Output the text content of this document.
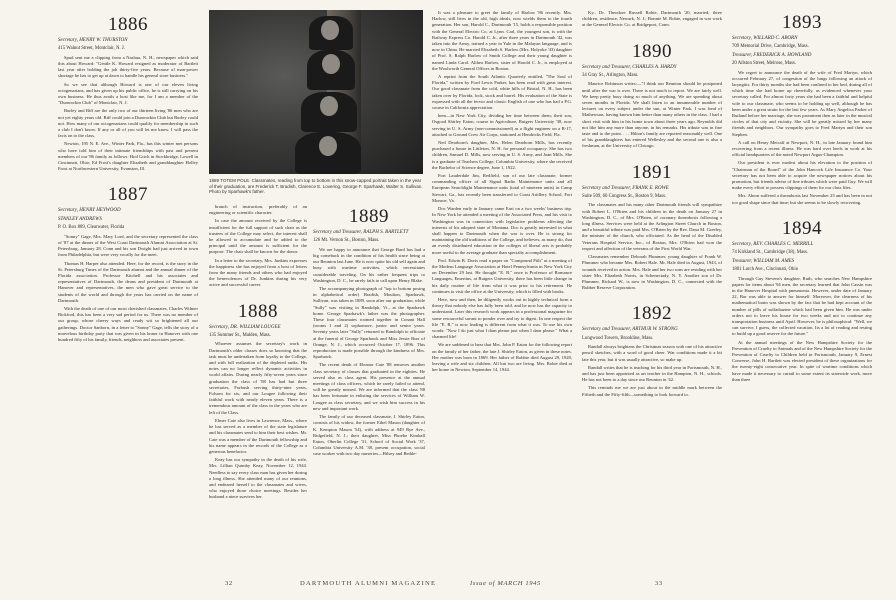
1886

Secretary, HENRY W. THURSTON

415 Walnut Street, Montclair, N. J.

Spud sent me a clipping from a Nashua, N. H., newspaper which said this about Howard: "Gentle K. Howard resigned as moderator of Bartlett last year after holding the job thirty-five years. Because of man-power shortage he has to get up at dawn to handle his general store business."

So we see that although Howard is one of our eleven living octogenarians, and has given up his public office, he is still carrying on his own business. He thus avails a host like me, for I am a member of the "Dunworkin Club" of Montclair, N. J.

Burley and Biff are the only two of our thirteen living '86 men who are not yet eighty years old. Biff could join a Dunworkin Club but Burley could not. How many of our octogenarians could qualify for membership in such a club I don't know. If any or all of you will let me know, I will pass the facts on to the class.

Newton, 195 N. E. Ave., Winter Park, Fla., has this winter met persons who have told him of their intimate friendships with past and present members of our '86 family as follows: Hod Grich in Stockbridge, Lowell in Cincinnati, Ohio; Ed Frost's daughter Elizabeth and granddaughter Holley Frost at Northwestern University, Evanston, Ill.

1887

Secretary, HENRY HEYWOOD

STANLEY ANDREWS

P. O. Box 889, Clearwater, Florida

"Sonny" Gage, Mrs. Mary Lord, and the secretary represented the class of '87 at the dinner of the West Coast Dartmouth Alumni Association at St. Petersburg, January 28. Conn and his son Dwight had just arrived in town from Philadelphia, but were very vocally for the meet.

Thomas H. Harper also attended. Here, for the record, is the story in the St. Petersburg Times of the Dartmouth alumni and the annual dinner of the Florida association. Professor Kitchell and his associates and representatives of Dartmouth, the deans and president of Dartmouth at Hanover and representatives, the men who gave great service to the students of the world and through the years has carried on the name of Dartmouth.

With the death of one of our most cherished classmates, Charles Wilmer Bickford, this has been a very sad period for us. There was no member of our group, whose cheery ways and ready wit so brightened all our gatherings. Doctor Sanborn, in a letter to "Sonny" Gage, tells the story of a marvelous birthday party that was given in his honor in Hanover with one hundred fifty of his family, friends, neighbors and associates present.

1889 TOTEM POLE. Classmates, reading from top to bottom in this snow-capped portrait taken in the year of their graduation, are Frederick T. Bradish, Clarence E. Lovering, George F. Sparhawk, Walter S. Sullivan. Photo by Sparhawk's father.

branch of instruction, preferably of an engineering or scientific character.

In case the amount received by the College is insufficient for the full support of such chair as the trustees of the College may select, the interest shall be allowed to accumulate and be added to the principal until the amount is sufficient for the purpose. The chair shall be known for the donor.

In a letter to the secretary, Mrs. Junkins expresses the happiness she has enjoyed from a host of letters from the many friends and others who had enjoyed the benevolences of Dr. Junkins during his very active and successful career.

1888

Secretary, DR. WILLIAM LOUGEE

135 Summer St., Malden, Mass.

Whoever assumes the secretary's work in Dartmouth's older classes does so knowing that the task must be undertaken from loyalty to the College, and with full realization of the depleted ranks. His notes can no longer reflect dynamic activities in world affairs. During nearly fifty-seven years since graduation the class of '88 has had but three secretaries, Forbush serving thirty-nine years, Folsom for six, and our Lougee following their faithful work with nearly eleven years. There is a tremendous amount of the class in the years who are left of the Class.

Elmer Cate also lives in Lawrence, Mass., where he has served as a member of the state legislature and his classmates send to him their best wishes. Mr. Cate was a member of the Dartmouth fellowship and his name appears in the records of the College as a generous benefactor.

Keay has our sympathy in the death of his wife, Mrs. Lillian Quimby Keay, November 12, 1944. Needless to say every class man has given her during a long illness. She attended many of our reunions, and endeared herself to the classmates and wives, who enjoyed those choice meetings. Besides her husband a niece survives her.

1889

Secretary and Treasurer, RALPH S. BARTLETT

126 Mt. Vernon St., Boston, Mass.

We are happy to announce that George Bard has had a big comeback in the condition of his health since being at our Reunion last June. He is now quite his old self again and busy with wartime activities, which necessitates considerable traveling. On his rather frequent trips to Washington, D. C., he rarely fails to call upon Henry Blake.

The accompanying photograph of "top to bottom posing in alphabetical order) Bradish, Moulton, Sparhawk, Sullivan, was taken in 1889, soon after our graduation, while "Sully" was visiting in Randolph, Vt., at the Sparhawk home. George Sparhawk's father was the photographer. These four classmates roomed together in Conant Hall (rooms 1 and 2) sophomore, junior and senior years. Seventy years later "Sully" returned to Randolph to officiate at the funeral of George Sparhawk and Miss Jessie Burr of Orange, N. J., which occurred October 17, 1896. This reproduction is made possible through the kindness of Mrs. Sparhawk.

The recent death of Eleanor Cate '88 removes another class secretary of classes that graduated in the eighties. He served also as class agent. His presence at the annual meetings of class officers, which he rarely failed to attend, will be greatly missed. We are informed that the class '88 has been fortunate in enlisting the services of William W. Lougee as class secretary, and we wish him success in his new and important work.

The family of our deceased classmate, J. Shirley Eaton, consists of his widow, the former Ethel Mason (daughter of K. Kempton Mason '54), with address at 949 Rye Ave., Ridgefield, N. J.; their daughter, Miss Phoebe Kimball Eaton, Oberlin College '31, School of Social Work '37, Columbia University A.M. '38, present occupation, social case worker with two day nurseries—Hilsey and Bethle-

It was a pleasure to greet the family of Harlow '86 recently. Mrs. Harlow, still lives in the old, high ideals, now wields them to the fourth generation. Her son, Harold C., Dartmouth '15, holds a responsible position with the General Electric Co. at Lynn. Carl, the youngest son, is with the Railway Express Co. Harold C. Jr., after three years in Dartmouth '42, was taken into the Army, trained a year in Yale in the Malayan language, and is now in China. He married Elizabeth S. Harlow (Mrs. Holyoke '43) daughter of Prof. S. Ralph Harlow of Smith College and their young daughter is named Linda Carol. Althea Harlow, sister of Harold C. Jr., is employed at the Woolworth General Offices in Boston.

A reprint from the South Atlantic Quarterly entitled, "The Soul of Florida," written by Ford Lewis Parker, has been read with great interest. Our good classmate from the cold, white hills of Bristol, N. H., has been taken over by Florida, lock, stock and barrel. His evaluation of the State is expressed with all the fervor and classic English of one who has had a P.G. course in California appreciation.

hem—in New York City, dividing her time between them; their son, Osgood Shirley Eaton, course in Agriculture, Rutgers University '38, now serving in U. S. Army (non-commissioned) as a flight engineer on a B-17, attached to Ground Crew Air Corps, stationed at Hendricks Field, Fla.

Ned Dearborn's daughter, Mrs. Helen Dearborn Mills, has recently purchased a house in Littleton, N. H. for personal occupancy. She has two children, Samuel D. Mills, now serving in U. S. Army, and Joan Mills. She is a graduate of Teachers College, Columbia University, where she received the Bachelor of Science degree, June 1, 1922.

Fort Lauderdale Jim, Redfield, son of our late classmate, former commanding officer of all Signal Radio Maintenance units and all European Searchlight Maintenance units (total of nineteen units) in Camp Stewart, Ga., has recently been transferred to Coast Artillery School, Fort Monroe, Va.

Doc Warden early in January came East on a two weeks' business trip. In New York he attended a meeting of the Associated Press, and his visit to Washington was in connection with legislative problems affecting the interests of his adopted state of Montana. Doc is greatly interested in what shall happen to Dartmouth when the war is over. He is strong for maintaining the old traditions of the College, and believes, as many do, that an evenly distributed education in the colleges of liberal arts is probably more useful to the average graduate than specialty accomplishment.

Prof. Edwin B. Davis read a paper on "Compound Pith" at a meeting of the Modern Language Association at Hotel Pennsylvania in New York City on December 29 last. He thought "E. B." once is Professor of Romance Languages, Emeritus, at Rutgers University, there has been little change in his daily routine of life from what it was prior to his retirement. He continues to visit the office at the University, which is filled with books.

Here, now and then, he diligently works out in highly technical form a theory that nobody else has fully been told, and he now has the capacity to understand. Later this research work appears in a professional magazine for some resourceful savant to ponder over and try to digest. In one respect the life "E. B." is now leading is different from what it was. To use his own words: "Now I do just what I darn please just when I darn please." What a charmed life!

We are saddened to hear that Mrs. John P. Eaton for the following report on the family of her father, the late J. Shirley Eaton, as given in these notes. Her mother was born in 1869. Her father of Robbie died August 29, 1928, leaving a wife and six children. All but two are living. Mrs. Robie died at her home in Newton, September 14, 1944.

Ky.; Dr. Theodore Russell Robie, Dartmouth '20, married; three children, residence, Newark, N. J.; Bonnie M. Robie, engaged in war work at the General Electric Co. at Bridgeport, Conn.

1890

Secretary and Treasurer, CHARLES A. HARDY

34 Gray St., Arlington, Mass.

Maurice Robinson writes:—"I think our Reunion should be postponed until after the war is over. There is not much to report. We are fairly well. We keep pretty busy doing so much of anything. We are spending about seven months in Florida. We shall listen to an innumerable number of lectures on every subject under the sun, at Winter Park. I was fond of Mathewson, having known him better than many others in the class. I had a short visit with him in his home town about three years ago. Reynolds did not like him any more than anyone, in his remarks. His tribute was in fine taste and to the point. . . . Hilton's family are reported reasonably well. One of his granddaughters has entered Wellesley and the second one is also a freshman, at the University of Chicago.

1891

Secretary and Treasurer, FRANK E. ROWE

Suite 509, 60 Congress St., Boston 9, Mass.

The classmates and his many other Dartmouth friends will sympathize with Robert L. O'Brien and his children in the death on January 27 in Washington, D. C., of Mrs. O'Brien, of coronary thrombosis following a long illness. Services were held at the Arlington Street Church in Boston, and a beautiful tribute was paid Mrs. O'Brien by the Rev. Dana M. Greeley, the minister of the church, who officiated. As the head of the Disabled Veterans Hospital Service, Inc., of Boston, Mrs. O'Brien had won the respect and affection of the veterans of the First World War.

Classmates remember Deborah Plummer, young daughter of Frank W. Plummer who became Mrs. Robert Hale. Mr. Hale died in August, 1943, of wounds received in action. Mrs. Hale and her two sons are residing with her sister Mrs. Elizabeth Norris, in Schenectady, N. Y. Another son of Dr. Plummer, Richard W., is now in Washington, D. C., connected with the Rubber Reserve Corporation.

1892

Secretary and Treasurer, ARTHUR W. STRONG

Longwood Towers, Brookline, Mass.

Randall always brightens the Christmas season with one of his attractive pencil sketches, with a word of good cheer. War conditions made it a bit late this year, but it was usually attractive, so make up.

Randall writes that he is teaching for his third year in Portsmouth, N. H., and has just been appointed as art teacher in the Hampton, N. H., schools. He has not been to a day since our Reunion in '42.

This reminds me we are just about in the middle mark between the Fiftieth and the Fifty-fifth—something to look forward to.

1893

Secretary, WILLARD C. ABORN

709 Memorial Drive, Cambridge, Mass.

Treasurer, FREDERICK A. HOWLAND

20 Allston Street, Melrose, Mass.

We regret to announce the death of the wife of Fred Martyn, which occurred February 27, of congestion of the lungs following an attack of laryngitis. For thirty months she had been confined to her bed, during all of which time she had borne up cheerfully, as evidenced whenever your secretary called. For almost forty years she had been a faithful and helpful wife to our classmate, who seems to be holding up well, although he has been under a great strain for the last few years. As Mary Angelica Parker of Rutland before her marriage, she was prominent then as later in the musical circles of that city and vicinity. She will be greatly missed by her many friends and neighbors. Our sympathy goes to Fred Martyn and their son Stephen.

A call on Henry Metcalf at Newport, N. H., in late January found him recovering from a recent illness. He was hard over heels in work at his official headquarters of the noted Newport Argus-Champion.

Our president is ever modest about his elevation to the position of "Chairman of the Board" of the John Hancock Life Insurance Co. Your secretary has not been able to acquire the newspaper notices about his promotion, but friends advise of fine tributes which were paid Guy. We will make every effort to possess clippings of them for our class files.

Mrs. Aborn suffered a thrombosis last November 25 and has been in not too good shape since that time; but she seems to be slowly recovering.

1894

Secretary, REV. CHARLES C. MERRILL

74 Kirkland St., Cambridge (38), Mass.

Treasurer, WILLIAM M. AMES

1801 Larch Ave., Cincinnati, Ohio

Through Guy Stevens's daughter, Ruth, who searches New Hampshire papers for items about '94 men, the secretary learned that John Cassin was in the Hanover Hospital with pneumonia. However, under date of January 22, Bar was able to answer for himself. Moreover, the clearness of his mathematical brain was shown by the fact that he had kept account of the number of pills of sulfadiazine which had been given him. He was under orders not to leave his house for two weeks and not to continue any transportation business until April. However, he is philosophical: "Well, we can survive, I guess, the collected vacation. Its a lot of reading and resting to build up a good reserve for the future."

At the annual meetings of the New Hampshire Society for the Prevention of Cruelty to Animals and of the New Hampshire Society for the Prevention of Cruelty to Children held in Portsmouth, January 9, Ernest Converse, John H. Bartlett was elected president of these organizations for the twenty-eight consecutive year. In spite of wartime conditions which have made it necessary to curtail to some extent its statewide work, more than three

32	DARTMOUTH ALUMNI MAGAZINE	Issue of MARCH 1945	33
